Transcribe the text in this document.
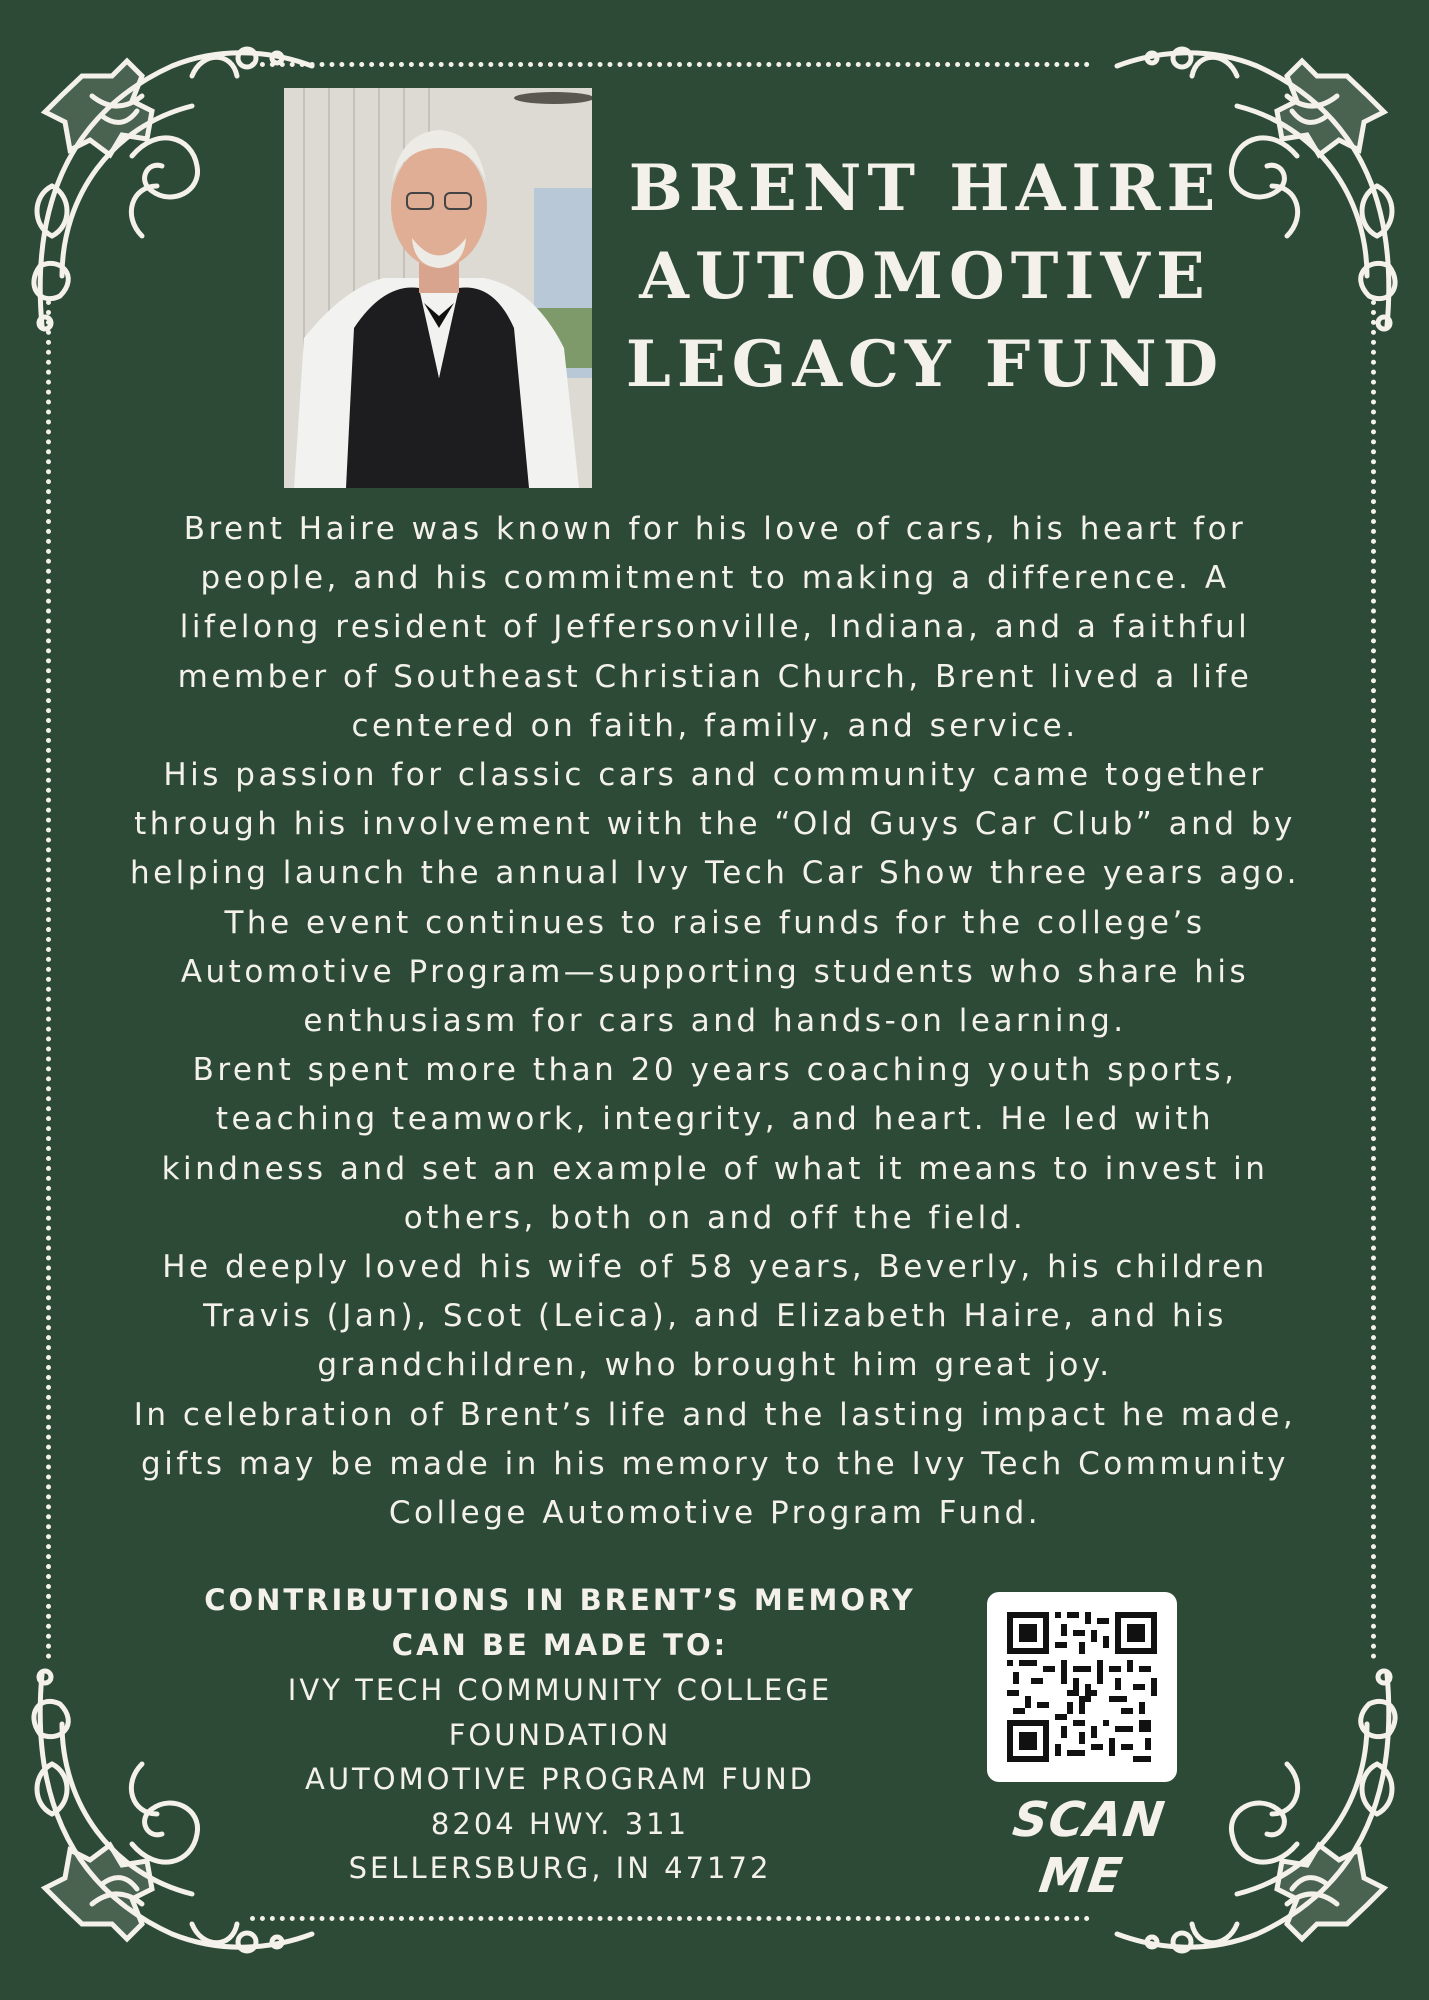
BRENT HAIRE
AUTOMOTIVE
LEGACY FUND

Brent Haire was known for his love of cars, his heart for

people, and his commitment to making a difference. A

lifelong resident of Jeffersonville, Indiana, and a faithful

member of Southeast Christian Church, Brent lived a life

centered on faith, family, and service.

His passion for classic cars and community came together

through his involvement with the “Old Guys Car Club” and by

helping launch the annual Ivy Tech Car Show three years ago.

The event continues to raise funds for the college’s

Automotive Program—supporting students who share his

enthusiasm for cars and hands-on learning.

Brent spent more than 20 years coaching youth sports,

teaching teamwork, integrity, and heart. He led with

kindness and set an example of what it means to invest in

others, both on and off the field.

He deeply loved his wife of 58 years, Beverly, his children

Travis (Jan), Scot (Leica), and Elizabeth Haire, and his

grandchildren, who brought him great joy.

In celebration of Brent’s life and the lasting impact he made,

gifts may be made in his memory to the Ivy Tech Community

College Automotive Program Fund.

CONTRIBUTIONS IN BRENT’S MEMORY
CAN BE MADE TO:
IVY TECH COMMUNITY COLLEGE
FOUNDATION
AUTOMOTIVE PROGRAM FUND
8204 HWY. 311
SELLERSBURG, IN 47172
SCAN ME
